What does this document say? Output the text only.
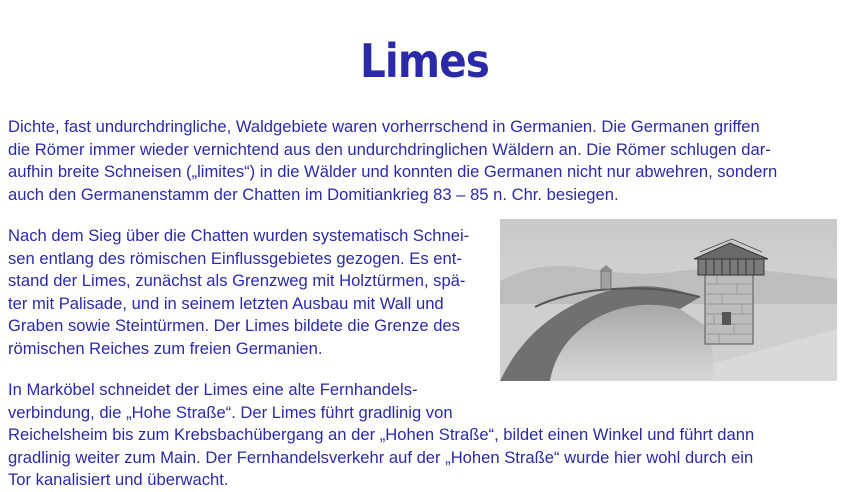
Limes

Dichte, fast undurchdringliche, Waldgebiete waren vorherrschend in Germanien. Die Germanen griffen
die Römer immer wieder vernichtend aus den undurchdringlichen Wäldern an. Die Römer schlugen dar-
aufhin breite Schneisen („limites“) in die Wälder und konnten die Germanen nicht nur abwehren, sondern
auch den Germanenstamm der Chatten im Domitiankrieg 83 – 85 n. Chr. besiegen.

Nach dem Sieg über die Chatten wurden systematisch Schnei-
sen entlang des römischen Einflussgebietes gezogen. Es ent-
stand der Limes, zunächst als Grenzweg mit Holztürmen, spä-
ter mit Palisade, und in seinem letzten Ausbau mit Wall und
Graben sowie Steintürmen. Der Limes bildete die Grenze des
römischen Reiches zum freien Germanien.

In Marköbel schneidet der Limes eine alte Fernhandels-
verbindung, die „Hohe Straße“. Der Limes führt gradlinig von
Reichelsheim bis zum Krebsbachübergang an der „Hohen Straße“, bildet einen Winkel und führt dann
gradlinig weiter zum Main. Der Fernhandelsverkehr auf der „Hohen Straße“ wurde hier wohl durch ein
Tor kanalisiert und überwacht.
